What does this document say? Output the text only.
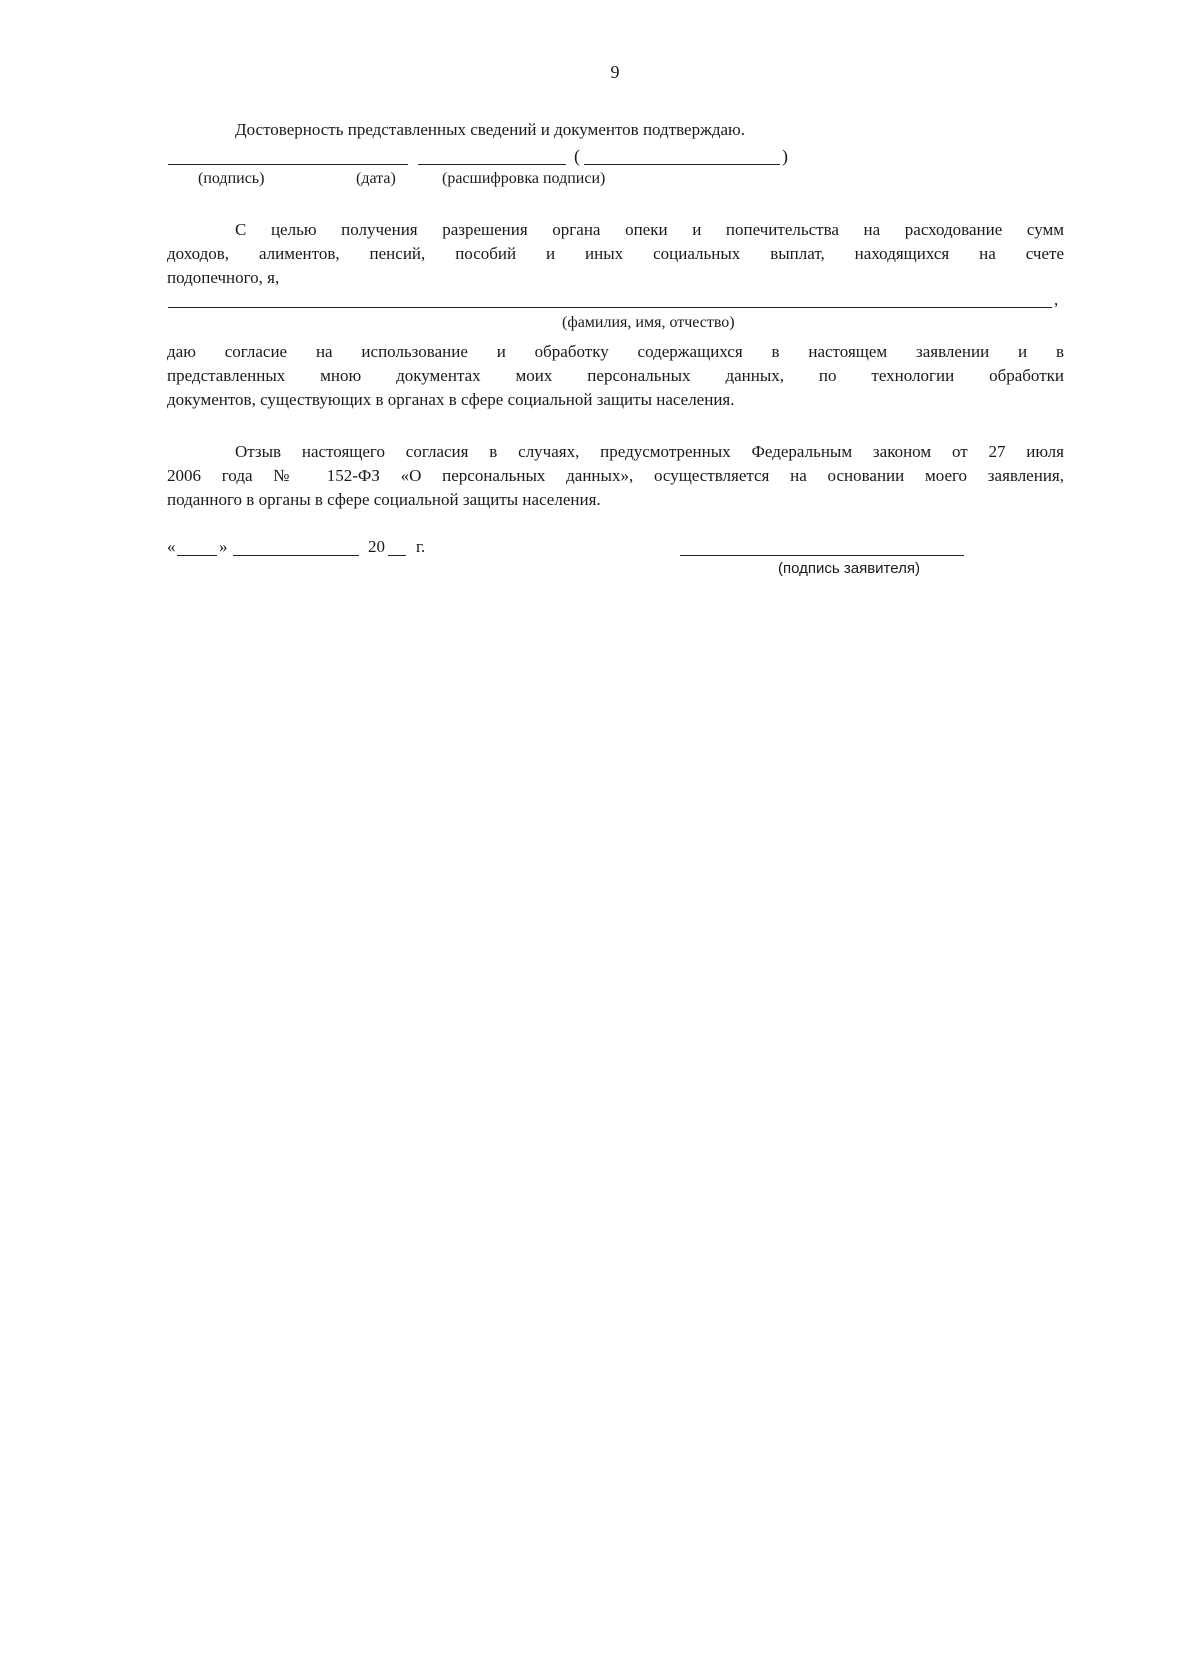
9
Достоверность представленных сведений и документов подтверждаю.
(	)
(подпись)	(дата)	(расшифровка подписи)
С целью получения разрешения органа опеки и попечительства на расходование сумм
доходов, алиментов, пенсий, пособий и иных социальных выплат, находящихся на счете
подопечного, я,
,
(фамилия, имя, отчество)
даю согласие на использование и обработку содержащихся в настоящем заявлении и в
представленных мною документах моих персональных данных, по технологии обработки
документов, существующих в органах в сфере социальной защиты населения.
Отзыв настоящего согласия в случаях, предусмотренных Федеральным законом от 27 июля
2006 года № 152-ФЗ «О персональных данных», осуществляется на основании моего заявления,
поданного в органы в сфере социальной защиты населения.
«	»	20 г.
(подпись заявителя)
